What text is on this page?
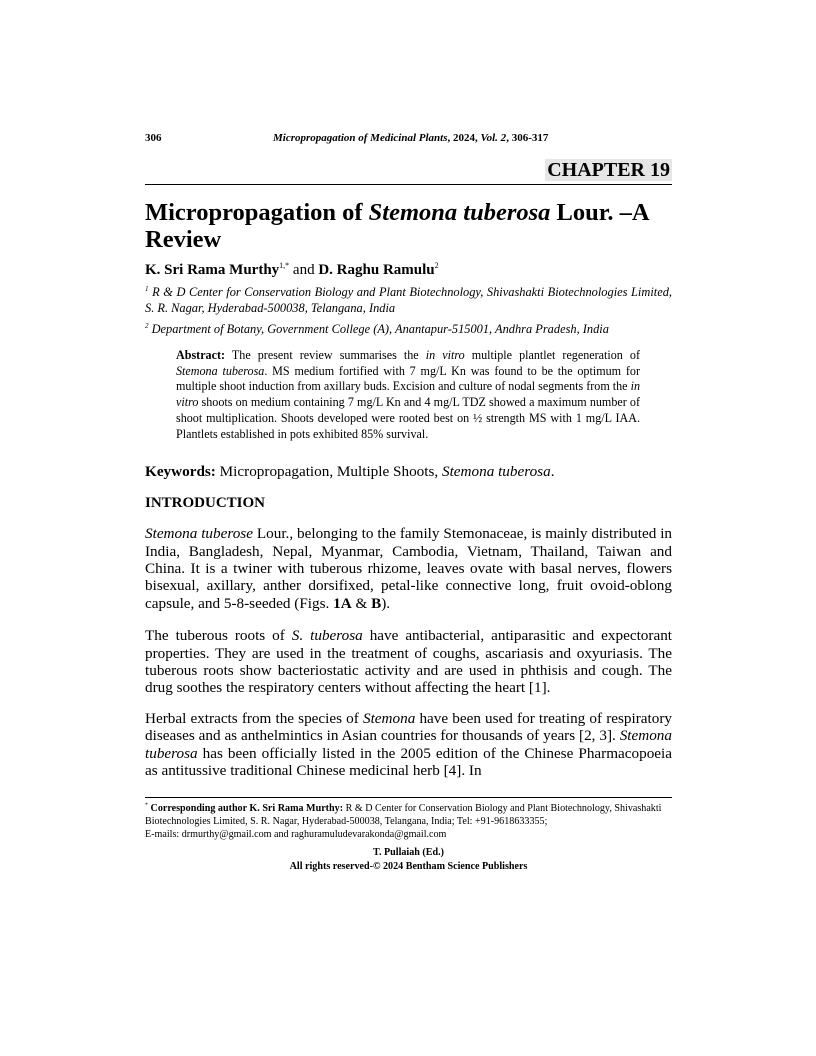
306	Micropropagation of Medicinal Plants, 2024, Vol. 2, 306-317
CHAPTER 19
Micropropagation of Stemona tuberosa Lour. –A
Review
K. Sri Rama Murthy$^{1,*}$ and D. Raghu Ramulu$^2$
$^1$ R & D Center for Conservation Biology and Plant Biotechnology, Shivashakti Biotechnologies Limited, S. R. Nagar, Hyderabad-500038, Telangana, India
$^2$ Department of Botany, Government College (A), Anantapur-515001, Andhra Pradesh, India
Abstract: The present review summarises the in vitro multiple plantlet regeneration of Stemona tuberosa. MS medium fortified with 7 mg/L Kn was found to be the optimum for multiple shoot induction from axillary buds. Excision and culture of nodal segments from the in vitro shoots on medium containing 7 mg/L Kn and 4 mg/L TDZ showed a maximum number of shoot multiplication. Shoots developed were rooted best on ½ strength MS with 1 mg/L IAA. Plantlets established in pots exhibited 85% survival.
Keywords: Micropropagation, Multiple Shoots, Stemona tuberosa.
INTRODUCTION
Stemona tuberose Lour., belonging to the family Stemonaceae, is mainly distributed in India, Bangladesh, Nepal, Myanmar, Cambodia, Vietnam, Thailand, Taiwan and China. It is a twiner with tuberous rhizome, leaves ovate with basal nerves, flowers bisexual, axillary, anther dorsifixed, petal-like connective long, fruit ovoid-oblong capsule, and 5-8-seeded (Figs. 1A & B).
The tuberous roots of S. tuberosa have antibacterial, antiparasitic and expectorant properties. They are used in the treatment of coughs, ascariasis and oxyuriasis. The tuberous roots show bacteriostatic activity and are used in phthisis and cough. The drug soothes the respiratory centers without affecting the heart [1].
Herbal extracts from the species of Stemona have been used for treating of respiratory diseases and as anthelmintics in Asian countries for thousands of years [2, 3]. Stemona tuberosa has been officially listed in the 2005 edition of the Chinese Pharmacopoeia as antitussive traditional Chinese medicinal herb [4]. In
* Corresponding author K. Sri Rama Murthy: R & D Center for Conservation Biology and Plant Biotechnology, Shivashakti Biotechnologies Limited, S. R. Nagar, Hyderabad-500038, Telangana, India; Tel: +91-9618633355;
E-mails: drmurthy@gmail.com and raghuramuludevarakonda@gmail.com
T. Pullaiah (Ed.)
All rights reserved-© 2024 Bentham Science Publishers
